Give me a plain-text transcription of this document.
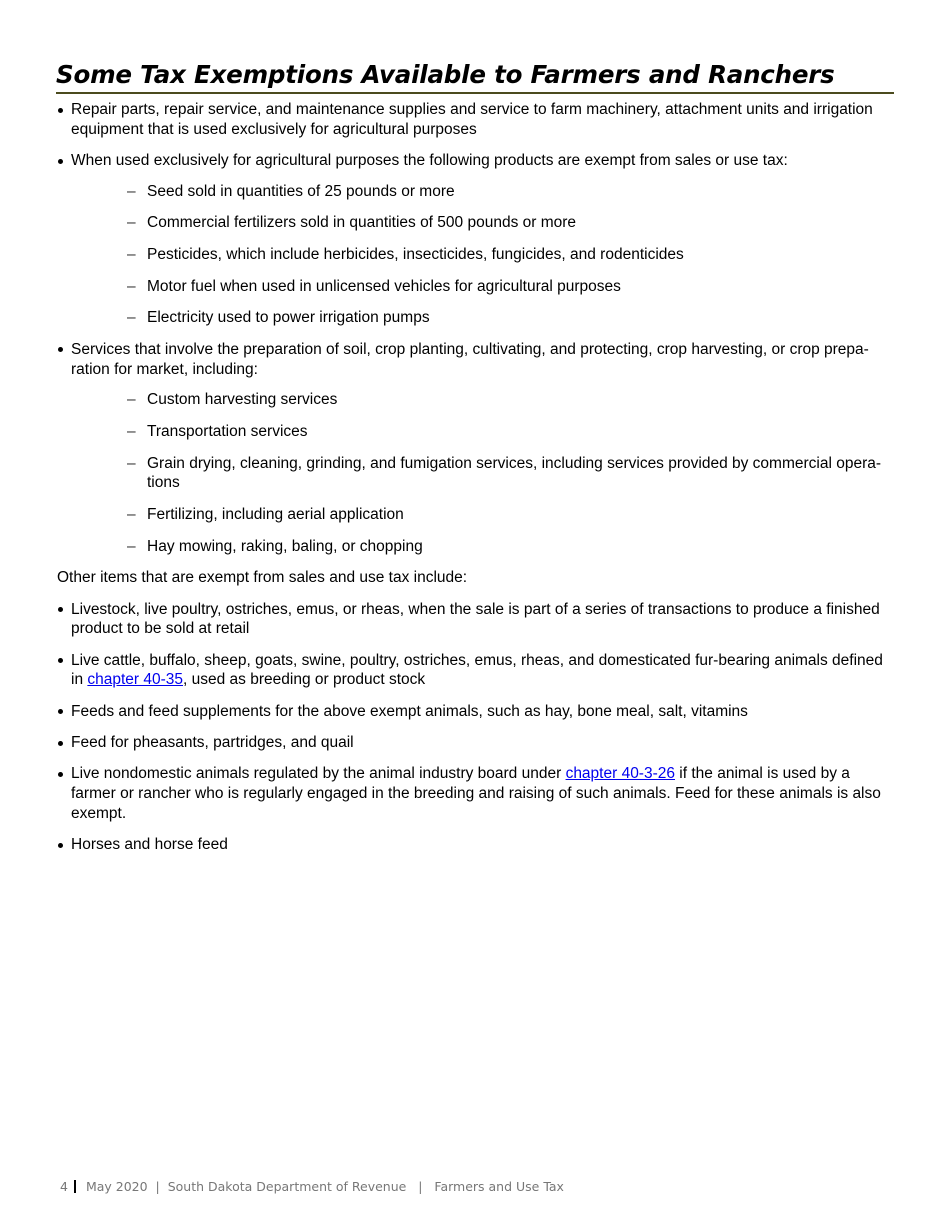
Some Tax Exemptions Available to Farmers and Ranchers
Repair parts, repair service, and maintenance supplies and service to farm machinery, attachment units and irrigation equipment that is used exclusively for agricultural purposes
When used exclusively for agricultural purposes the following products are exempt from sales or use tax:
– Seed sold in quantities of 25 pounds or more
– Commercial fertilizers sold in quantities of 500 pounds or more
– Pesticides, which include herbicides, insecticides, fungicides, and rodenticides
– Motor fuel when used in unlicensed vehicles for agricultural purposes
– Electricity used to power irrigation pumps
Services that involve the preparation of soil, crop planting, cultivating, and protecting, crop harvesting, or crop prepa-ration for market, including:
– Custom harvesting services
– Transportation services
– Grain drying, cleaning, grinding, and fumigation services, including services provided by commercial opera-tions
– Fertilizing, including aerial application
– Hay mowing, raking, baling, or chopping

Other items that are exempt from sales and use tax include:

Livestock, live poultry, ostriches, emus, or rheas, when the sale is part of a series of transactions to produce a finished product to be sold at retail
Live cattle, buffalo, sheep, goats, swine, poultry, ostriches, emus, rheas, and domesticated fur-bearing animals defined in chapter 40-35, used as breeding or product stock
Feeds and feed supplements for the above exempt animals, such as hay, bone meal, salt, vitamins
Feed for pheasants, partridges, and quail
Live nondomestic animals regulated by the animal industry board under chapter 40-3-26 if the animal is used by a farmer or rancher who is regularly engaged in the breeding and raising of such animals. Feed for these animals is also exempt.
Horses and horse feed
4 May 2020  |  South Dakota Department of Revenue   |   Farmers and Use Tax
